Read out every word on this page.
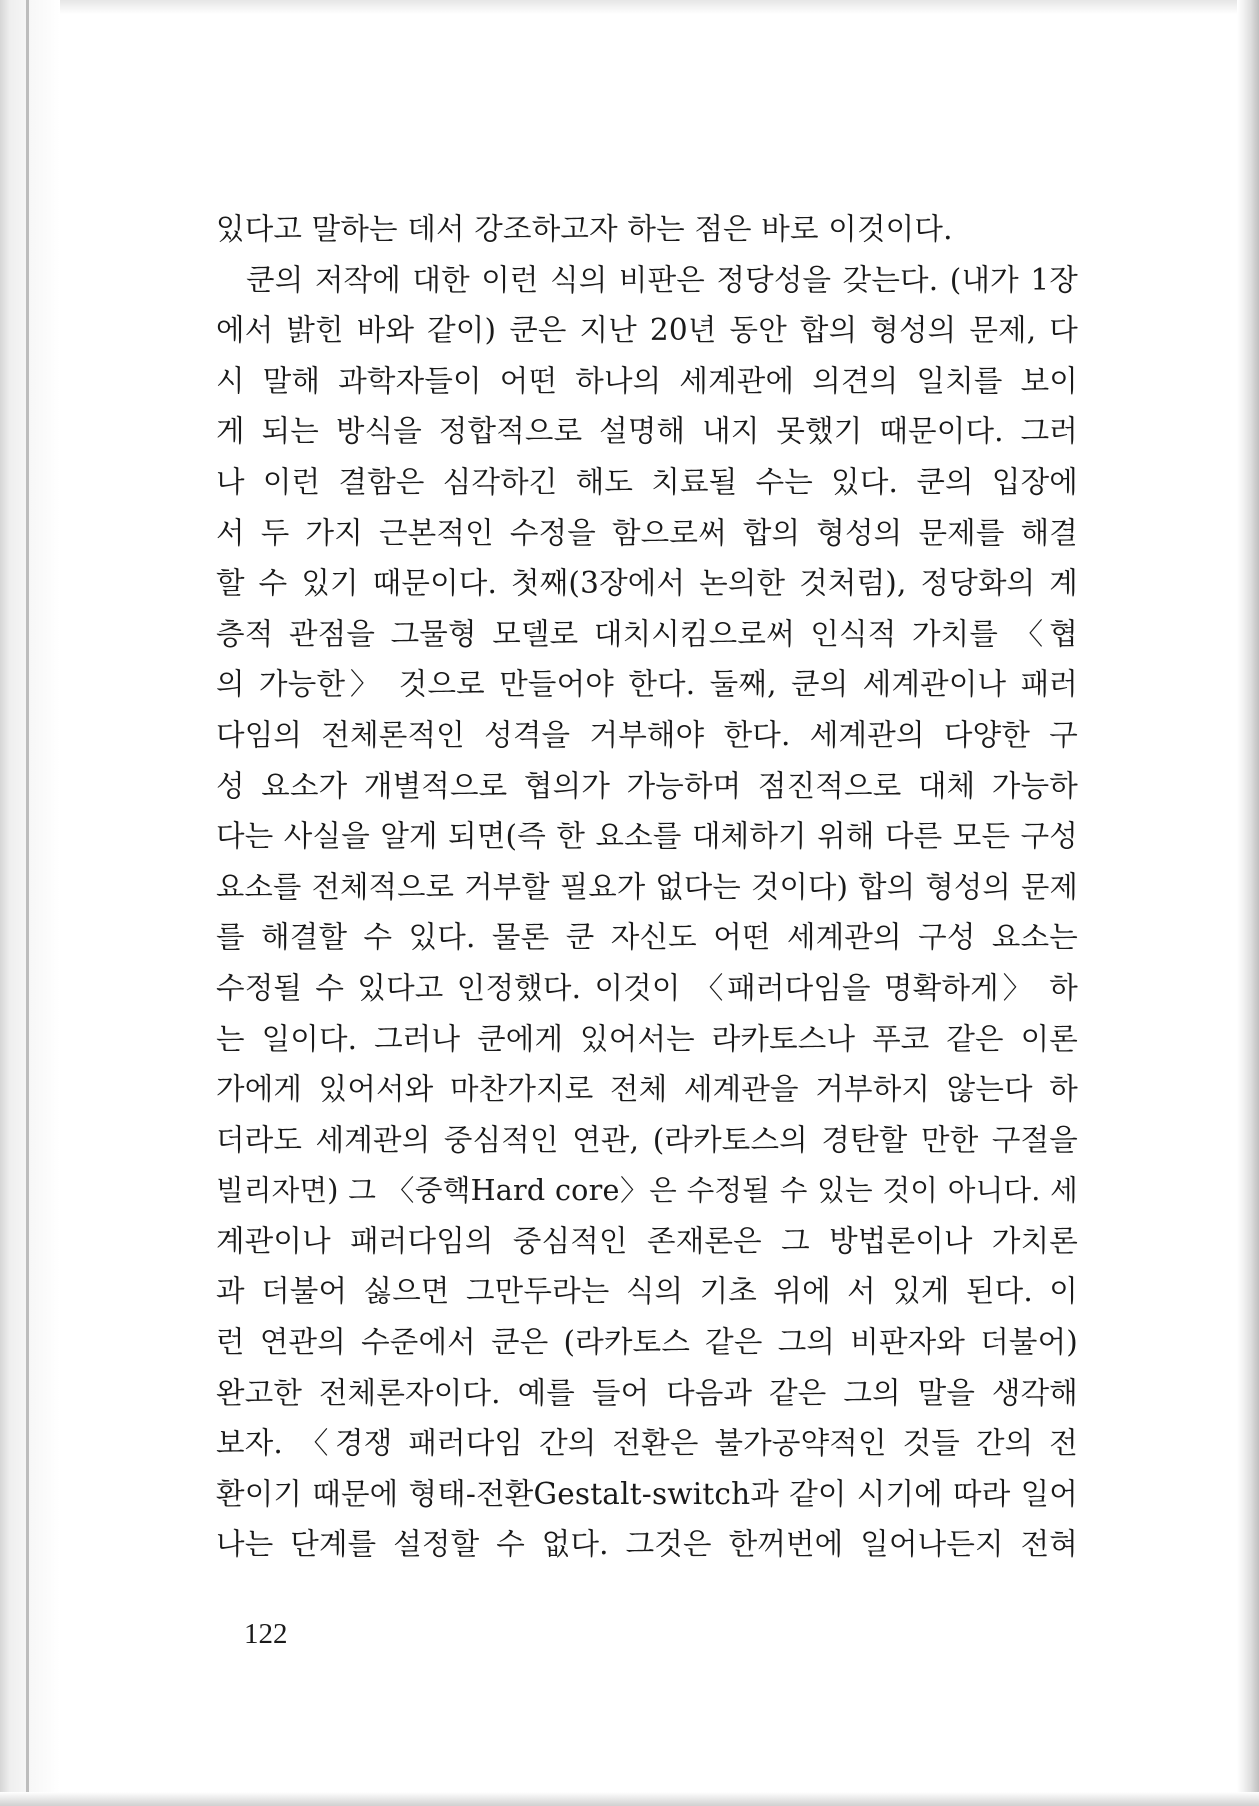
있다고 말하는 데서 강조하고자 하는 점은 바로 이것이다.
쿤의 저작에 대한 이런 식의 비판은 정당성을 갖는다. (내가 1장
에서 밝힌 바와 같이) 쿤은 지난 20년 동안 합의 형성의 문제, 다
시 말해 과학자들이 어떤 하나의 세계관에 의견의 일치를 보이
게 되는 방식을 정합적으로 설명해 내지 못했기 때문이다. 그러
나 이런 결함은 심각하긴 해도 치료될 수는 있다. 쿤의 입장에
서 두 가지 근본적인 수정을 함으로써 합의 형성의 문제를 해결
할 수 있기 때문이다. 첫째(3장에서 논의한 것처럼), 정당화의 계
층적 관점을 그물형 모델로 대치시킴으로써 인식적 가치를 〈협
의 가능한〉 것으로 만들어야 한다. 둘째, 쿤의 세계관이나 패러
다임의 전체론적인 성격을 거부해야 한다. 세계관의 다양한 구
성 요소가 개별적으로 협의가 가능하며 점진적으로 대체 가능하
다는 사실을 알게 되면(즉 한 요소를 대체하기 위해 다른 모든 구성
요소를 전체적으로 거부할 필요가 없다는 것이다) 합의 형성의 문제
를 해결할 수 있다. 물론 쿤 자신도 어떤 세계관의 구성 요소는
수정될 수 있다고 인정했다. 이것이 〈패러다임을 명확하게〉 하
는 일이다. 그러나 쿤에게 있어서는 라카토스나 푸코 같은 이론
가에게 있어서와 마찬가지로 전체 세계관을 거부하지 않는다 하
더라도 세계관의 중심적인 연관, (라카토스의 경탄할 만한 구절을
빌리자면) 그 〈중핵Hard core〉은 수정될 수 있는 것이 아니다. 세
계관이나 패러다임의 중심적인 존재론은 그 방법론이나 가치론
과 더불어 싫으면 그만두라는 식의 기초 위에 서 있게 된다. 이
런 연관의 수준에서 쿤은 (라카토스 같은 그의 비판자와 더불어)
완고한 전체론자이다. 예를 들어 다음과 같은 그의 말을 생각해
보자. 〈경쟁 패러다임 간의 전환은 불가공약적인 것들 간의 전
환이기 때문에 형태-전환Gestalt-switch과 같이 시기에 따라 일어
나는 단계를 설정할 수 없다. 그것은 한꺼번에 일어나든지 전혀
122
